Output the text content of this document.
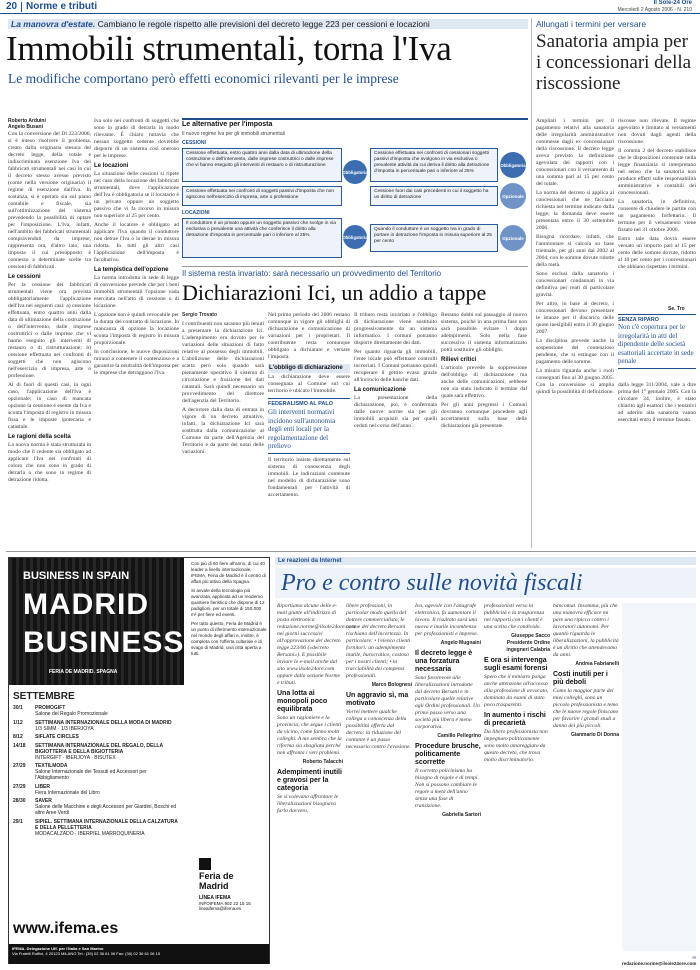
20 Norme e tributi	Il Sole-24 Ore
Mercoledì 2 Agosto 2006 - N. 210
La manovra d'estate. Cambiano le regole rispetto alle previsioni del decreto legge 223 per cessioni e locazioni
Immobili strumentali, torna l'Iva
Le modifiche comportano però effetti economici rilevanti per le imprese
Roberto Arduini
Angelo Busani

Con la conversione del Dl 223/2006, si è inteso risolvere il problema, creato dalla originaria stesura del decreto legge, della totale e indiscriminata esenzione Iva dei fabbricati strumentali nei casi in cui il decreto stesso avesse previsto (come nella versione originaria) il regime di esenzione dall'Iva. In sostanza, si è operato sia sul piano contabile e fiscale, sia sull'ottimizzazione del sistema prevedendo la possibilità di optare per l'imposizione. L'Iva, infatti, nell'ambito dei fabbricati strumentali compravenduti da imprese, rappresenta ora, d'altro lato, una imposta il cui presupposto è connesso a determinate scelte tra cessioni di fabbricati.

Le cessioni

Per la cessione dei fabbricati strumentali viene ora prevista obbligatoriamente l'applicazione dell'Iva nei seguenti casi: a) cessione effettuata, entro quattro anni dalla data di ultimazione della costruzione o dell'intervento, dalle imprese costruttrici o dalle imprese che vi hanno eseguito gli interventi di restauro o di ristrutturazione; b) cessione effettuata nei confronti di soggetti che non agiscono nell'esercizio di impresa, arte o professione.

Al di fuori di questi casi, in ogni caso, l'applicazione dell'Iva è opzionale; in caso di mancata opzione la cessione è esente da Iva e sconta l'imposta di registro in misura fissa e le imposte ipotecaria e catastale.

Le ragioni della scelta

La nuova norma è stata strutturata in modo che il cedente sia obbligato ad applicare l'Iva nei confronti di coloro che non sono in grado di detrarla o che sono in regime di detrazione ridotta.

Iva solo nei confronti di soggetti che sono in grado di detrarla in modo rilevante. È chiaro tuttavia che nessun soggetto cedente dovrebbe disporre di un sistema così oneroso per le imprese.

Le locazioni

La situazione delle cessioni si ripete nel caso della locazione dei fabbricati strumentali, dove l'applicazione dell'Iva è obbligatoria se il locatario è un privato oppure un soggetto passivo che vi fa ricorso in misura non superiore al 25 per cento.

Anche il locatore è obbligato ad applicare l'Iva quando il conduttore non detrae l'Iva o la detrae in misura ridotta. In tutti gli altri casi l'applicazione dell'imposta è facoltativa.

La tempistica dell'opzione

La norma introdotta in sede di legge di conversione prevede che per i beni immobili strumentali l'opzione vada esercitata nell'atto di cessione o di locazione.

L'opzione non è quindi revocabile per la durata del contratto di locazione. In mancanza di opzione la locazione sconta l'imposta di registro in misura proporzionale.

In conclusione, le nuove disposizioni mirano a contenere il contenzioso e a garantire la neutralità dell'imposta per le imprese che detraggono l'Iva.

Le alternative per l'imposta
Il nuovo regime Iva per gli immobili strumentali
CESSIONI
Cessione effettuata, entro quattro anni dalla data di ultimazione della costruzione o dell'intervento, dalle imprese costruttrici o dalle imprese che vi hanno eseguito gli interventi di restauro o di ristrutturazione
Cessione effettuata nei confronti di soggetti passivi d'imposta che non agiscono nell'esercizio di impresa, arte o professione
Obbligatoria
Cessione effettuata nei confronti di cessionari soggetti passivi d'imposta che svolgono in via esclusiva o prevalente attività da cui deriva il diritto alla detrazione d'imposta in percentuale pari o inferiore al 25%
Obbligatoria
Cessione fuori dai casi precedenti in cui il soggetto ha un diritto di detrazione	Opzionale
LOCAZIONI
Il conduttore è un privato oppure un soggetto passivo che svolge in via esclusiva o prevalente una attività che conferisce il diritto alla detrazione d'imposta in percentuale pari o inferiore al 25%	Obbligatoria
Quando il conduttore è un soggetto Iva in grado di portare in detrazione l'imposta in misura superiore al 25 per cento
Opzionale
Il sistema resta invariato: sarà necessario un provvedimento del Territorio
Dichiarazioni Ici, un addio a tappe
Sergio Trovato

I contribuenti non saranno più tenuti a presentare la dichiarazione Ici. L'adempimento era dovuto per le variazioni delle situazioni di fatto relative al possesso degli immobili. L'abolizione delle dichiarazioni scatta però solo quando sarà pienamente operativo il sistema di circolazione e fruizione dei dati catastali. Sarà quindi necessario un provvedimento del direttore dell'agenzia del Territorio.

A decorrere dalla data di entrata in vigore di un decreto attuativo, infatti, la dichiarazione Ici sarà sostituita dalla comunicazione al Comune da parte dell'Agenzia del Territorio e da parte dei notai delle variazioni.

Nel primo periodo del 2006 restano comunque in vigore gli obblighi di dichiarazione e comunicazione di variazioni per i proprietari. Il contribuente resta comunque obbligato a dichiarare e versare l'imposta.

L'obbligo di dichiarazione

La dichiarazione deve essere consegnata al Comune sul cui territorio è ubicato l'immobile.

FEDERALISMO AL PALO
Gli interventi normativi incidono sull'autonomia degli enti locali per la regolamentazione del prelievo

Il territorio insiste direttamente sul sistema di conoscenza degli immobili. Le indicazioni contenute nel modello di dichiarazione sono fondamentali per l'attività di accertamento.

Il tributo resta invariato e l'obbligo di dichiarazione viene sostituito progressivamente da un sistema informatico. I comuni potranno disporre direttamente dei dati.

Per quanto riguarda gli immobili, l'ente locale può effettuare controlli incrociati. I Comuni potranno quindi recuperare il gettito evaso grazie all'incrocio delle banche dati.

La comunicazione

La presentazione della dichiarazione, poi, è confermata dalle nuove norme sia per gli immobili acquisiti sia per quelli ceduti nel corso dell'anno.

Restano dubbi sul passaggio al nuovo sistema, poiché in una prima fase non sarà possibile evitare i doppi adempimenti. Solo nella fase successiva il sistema informatizzato potrà sostituire gli obblighi.

Rilievi critici

L'articolo prevede la soppressione dell'obbligo di dichiarazione ma anche delle comunicazioni, sebbene non sia stato indicato il termine dal quale sarà effettivo.

Per gli anni pregressi i Comuni dovranno comunque procedere agli accertamenti sulla base delle dichiarazioni già presentate.

Allungati i termini per versare
Sanatoria ampia per i concessionari della riscossione

Ampliati i termini per il pagamento relativi alla sanatoria delle irregolarità amministrative commesse dagli ex concessionari della riscossione. Il decreto legge aveva previsto la definizione agevolata dei rapporti con i concessionari con il versamento di una somma pari al 15 per cento del totale.

La norma del decreto si applica ai concessionari che ne facciano richiesta nel termine indicato dalla legge; la domanda deve essere presentata entro il 30 settembre 2006.

Bisogna ricordare, infatti, che l'ammontare si calcola su base triennale, per gli anni dal 2002 al 2004, con le somme dovute ridotte della metà.

Sono esclusi dalla sanatoria i concessionari condannati in via definitiva per reati di particolare gravità.

Per altro, in base al decreto, i concessionari devono presentare le istanze per il discarico delle quote inesigibili entro il 30 giugno 2007.

La disciplina prevede anche la sospensione del contenzioso pendente, che si estingue con il pagamento delle somme.

La misura riguarda anche i ruoli consegnati fino al 30 giugno 2005. Con la conversione si amplia quindi la possibilità di definizione.

riscosse non rilevate. Il regime agevolato è limitato ai versamenti non dovuti dagli agenti della riscossione.

Il comma 2 del decreto stabilisce che le disposizioni contenute nella legge finanziaria si interpretano nel senso che la sanatoria non produce effetti sulle responsabilità amministrative e contabili dei concessionari.

La sanatoria, in definitiva, consente di chiudere le partite con un pagamento forfettario. Il termine per il versamento viene fissato nel 31 ottobre 2006.

Entro tale data dovrà essere versato un importo pari al 15 per cento delle somme dovute, ridotto al 10 per cento per i concessionari che abbiano rispettato i termini.

Se. Tro
SENZA RIPARO
Non c'è copertura per le irregolarità in atti del dipendente delle società esattoriali accertate in sede penale

dalla legge 311/2004, vale a dire prima del 1° gennaio 2005. Con la circolare 34, inoltre, è stato chiarito agli esattori che i tentativi ad aderire alla sanatoria vanno esercitati entro il termine fissato.

BUSINESS IN SPAIN
MADRID
BUSINESS
FERIA DE MADRID. SPAGNA
SETTEMBRE
30/1	PROMOGIFT
Salone del Regalo Promozionale
1/12	SETTIMANA INTERNAZIONALE DELLA MODA DI MADRID
1/3 SIMM · 1/3 IBERJOYA
8/12	SIFLATE CIRCLES
14/18	SETTIMANA INTERNAZIONALE DEL REGALO, DELLA BIGIOTTERIA E DELLA BIGIOTTERIA
INTERGIFT · IBERJOYA · BISUTEX
27/29	TEXTILMODA
Salone Internazionale dei Tessuti ed Accessori per l'Abbigliamento
27/29	LIBER
Fiera Internazionale del Libro
28/30	SAVER
Salone delle Macchine e degli Accessori per Giardini, Boschi ed altre Aree Verdi
29/1	SIPIEL. SETTIMANA INTERNAZIONALE DELLA CALZATURA E DELLA PELLETTERIA
MODACALZADO · IBERPIEL MARROQUINERIA
www.ifema.es
IFEMA. Delegazione Uff. per l'Italia e San Marino
Via Fratelli Ruffini, 4 20123 MILANO Tel.: (39) 02 36 61 06 Fax: (39) 02 36 61 06 15

Con più di 60 fiere all'anno, di cui 40 leader a livello internazionale, IFEMA, Feria de Madrid è il centro di affari più attivo della Spagna.

Si avvale della tecnologia più avanzata, applicata ad un moderno quartiere fieristico che dispone di 12 padiglioni, per un totale di 150.000 m² per fiere ed eventi.

Per tutto questo, Feria de Madrid è un punto di riferimento internazionale nel mondo degli affari e, inoltre, è completa con l'offerta culturale e di svago di Madrid, una città aperta a tutti.

Feria de Madrid
LÍNEA IFEMA
INFOIFEMA 902 22 15 15
lineaifema@ifema.es
Le reazioni da Internet
Pro e contro sulle novità fiscali

Riportiamo alcune delle e-mail giunte all'indirizzo di posta elettronica redazione.norme@ilsole24ore.com nei giorni successivi all'approvazione del decreto legge 223/06 («decreto Bersani»). E possibile inviare le e-mail anche dal sito www.ilsole24ore.com oppure dalla sezione Norme e tributi.

Una lotta ai monopoli poco equilibrata

Sono un ragioniere e la provincia, che segue i clienti da vicino, come fanno molti colleghi. A me sembra che la riforma sia sbagliata perché non affronta i veri problemi.

Roberto Talacchi
Adempimenti inutili e gravosi per la categoria

Se si volevano affrontare le liberalizzazioni bisognava farlo davvero.

libere professioni, in particolar modo quella del dottore commercialista, le norme del decreto Bersani rischiano dell'incertezza. In particolare: • l'elenco clienti fornitori: un adempimento inutile, burocratico, costoso per i nostri clienti; • la tracciabilità dei compensi professionali.

Marco Bolognesi
Un aggravio sì, ma motivato

Vorrei mettere qualche collega a conoscenza della possibilità offerta dal decreto: la riduzione del contante è un passo necessario contro l'evasione.

Iva, agevole con l'anagrafe elettronica, fa aumentare il lavoro. Il risultato sarà una nuova e inutile incombenza per professionisti e imprese.

Angelo Mugnaini
Il decreto legge è una forzatura necessaria

Sono favorevole alle liberalizzazioni introdotte dal decreto Bersani e in particolare quelle relative agli Ordini professionali. Un primo passo verso una società più libera e meno corporativa.

Camillo Pellegrino
Procedure brusche, politicamente scorrette

Il corretto policinismo ha bisogno di regole e di tempi. Non si possono cambiare le regole a metà dell'anno senza una fase di transizione.

Gabriella Sartori

professionisti verso la pubblicità e la trasparenza nei rapporti con i clienti è una scelta che condivido.

Giuseppe Sacco
Presidente Ordine ingegneri Calabria
E ora si intervenga sugli esami forensi

Spero che il ministro ponga anche attenzione all'accesso alla professione di avvocato, dominato da esami di stato poco trasparenti.

In aumento i rischi di precarietà

Da libero professionista non impegnato politicamente sono molto amareggiato da questo decreto, che trova molto discriminatorio.

bancomat. Insomma, più che una manovra efficace mi pare una ripicca contro i lavoratori autonomi. Per quanto riguarda le liberalizzazioni, la pubblicità è un diritto che attendevamo da anni.

Andrea Fabrianelli
Costi inutili per i più deboli

Come la maggior parte dei miei colleghi, sono un piccolo professionista e temo che le nuove regole finiscano per favorire i grandi studi a danno dei più piccoli.

Gianmario Di Donna
✉ redazione.norme@ilsole24ore.com
